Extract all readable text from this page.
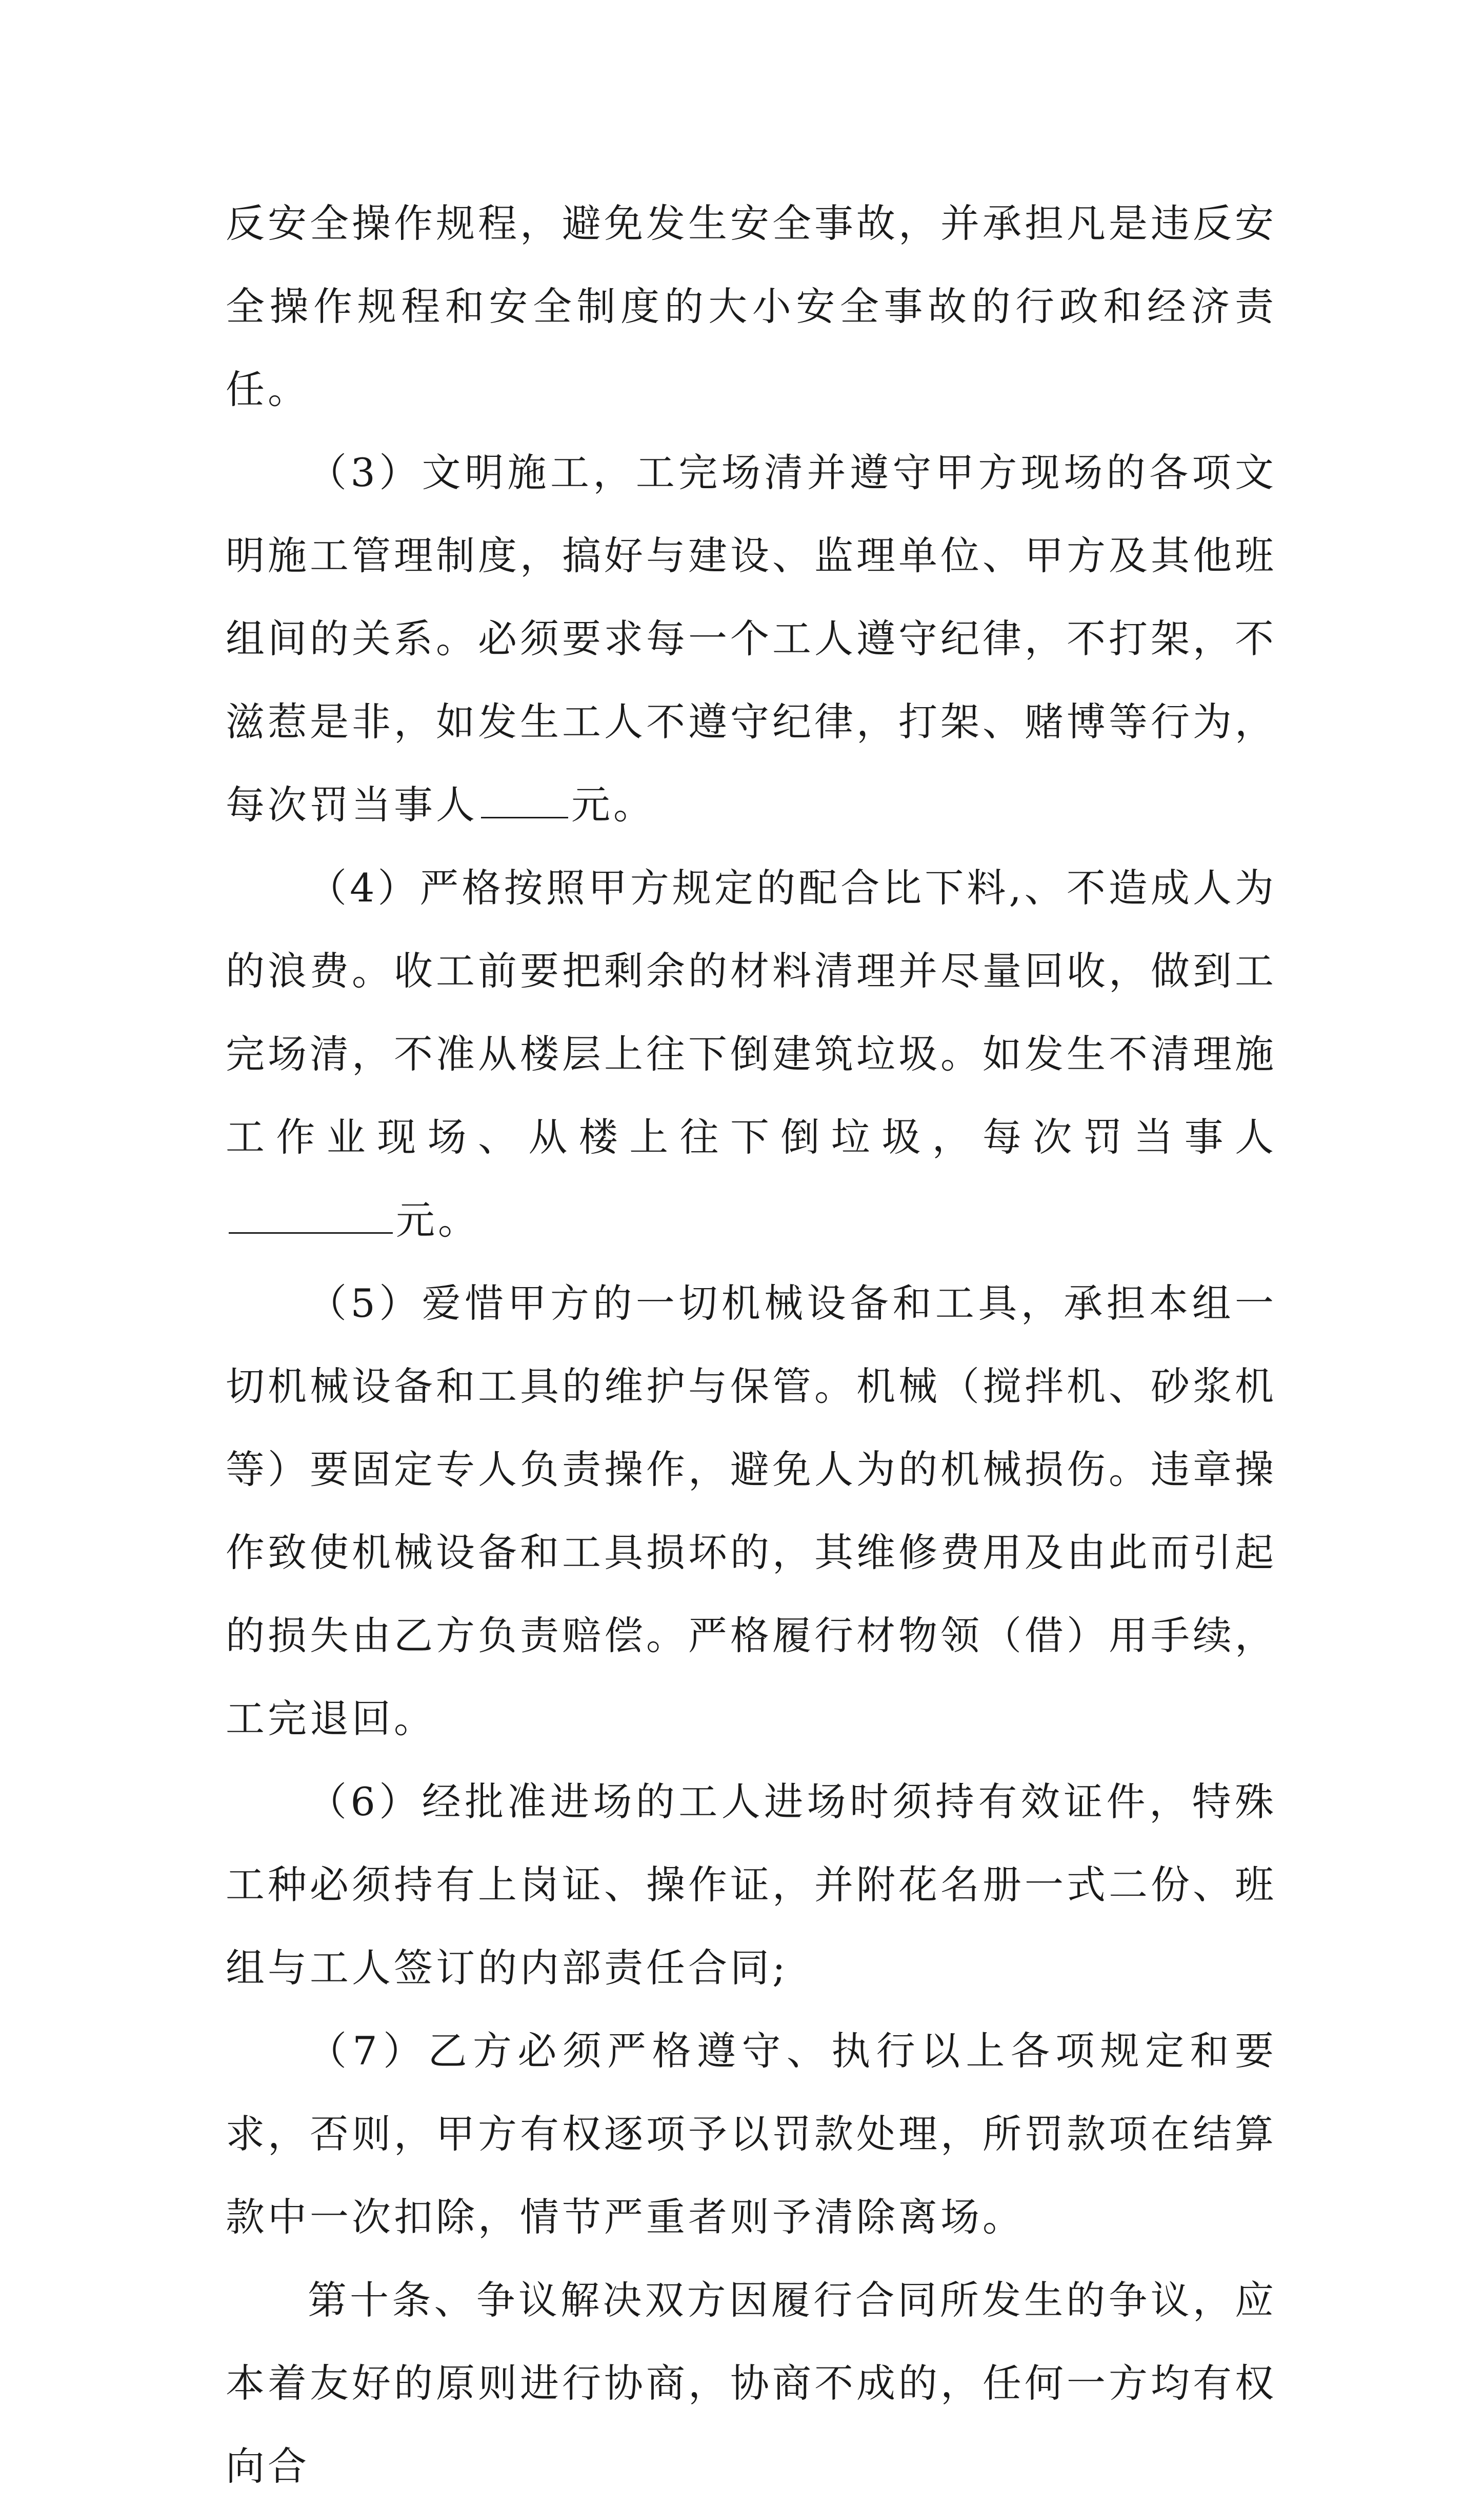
反安全操作规程，避免发生安全事故，并承担凡是违反安全操作规程和安全制度的大小安全事故的行政和经济责任。

（3）文明施工，工完场清并遵守甲方现场的各项文明施工管理制度，搞好与建设、监理单位、甲方及其他班组间的关系。必须要求每一个工人遵守纪律，不打架，不滋惹是非，如发生工人不遵守纪律，打架、赌博等行为，每次罚当事人 元。

（4）严格按照甲方规定的配合比下料,、不造成人为的浪费。收工前要把剩余的材料清理并尽量回收，做到工完场清，不准从楼层上往下倒建筑垃圾。如发生不清理施工作业现场、从楼上往下倒垃圾，每次罚当事人元。

（5）爱惜甲方的一切机械设备和工具，承担本组一切机械设备和工具的维护与保管。机械（搅拌机、砂浆机等）要固定专人负责操作，避免人为的机械损伤。违章操作致使机械设备和工具损坏的，其维修费用及由此而引起的损失由乙方负责赔偿。严格履行材物领（借）用手续，工完退回。

（6）经批准进场的工人进场时须持有效证件，特殊工种必须持有上岗证、操作证，并附花名册一式二份、班组与工人签订的内部责任合同;

（7）乙方必须严格遵守、执行以上各项规定和要求，否则，甲方有权逐项予以罚款处理，所罚款项在结算款中一次扣除，情节严重者则予清除离场。

第十条、争议解决双方因履行合同所发生的争议，应本着友好的原则进行协商，协商不成的，任何一方均有权向合
